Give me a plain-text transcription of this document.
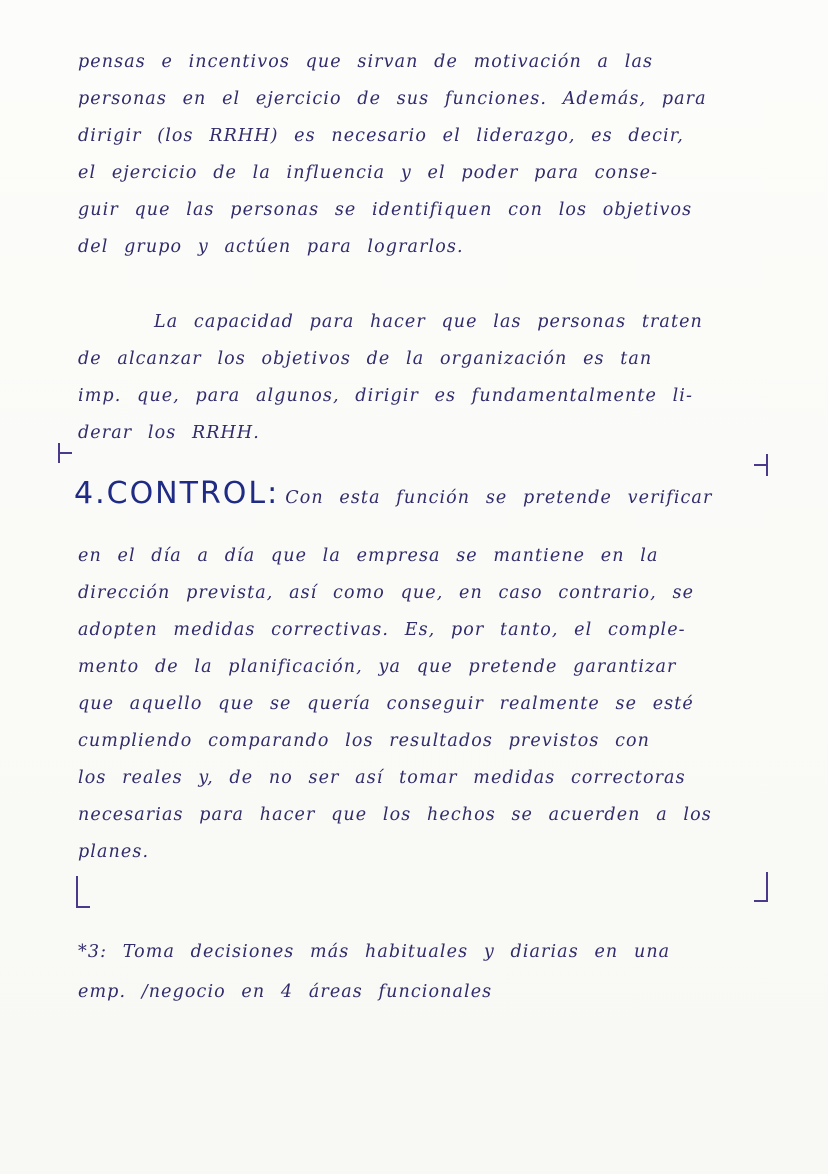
pensas e incentivos que sirvan de motivación a las
personas en el ejercicio de sus funciones. Además, para
dirigir (los RRHH) es necesario el liderazgo, es decir,
el ejercicio de la influencia y el poder para conse-
guir que las personas se identifiquen con los objetivos
del grupo y actúen para lograrlos.
La capacidad para hacer que las personas traten
de alcanzar los objetivos de la organización es tan
imp. que, para algunos, dirigir es fundamentalmente li-
derar los RRHH.
4.CONTROL: Con esta función se pretende verificar
en el día a día que la empresa se mantiene en la
dirección prevista, así como que, en caso contrario, se
adopten medidas correctivas. Es, por tanto, el comple-
mento de la planificación, ya que pretende garantizar
que aquello que se quería conseguir realmente se esté
cumpliendo comparando los resultados previstos con
los reales y, de no ser así tomar medidas correctoras
necesarias para hacer que los hechos se acuerden a los
planes.
*3: Toma decisiones más habituales y diarias en una
emp. /negocio en 4 áreas funcionales
